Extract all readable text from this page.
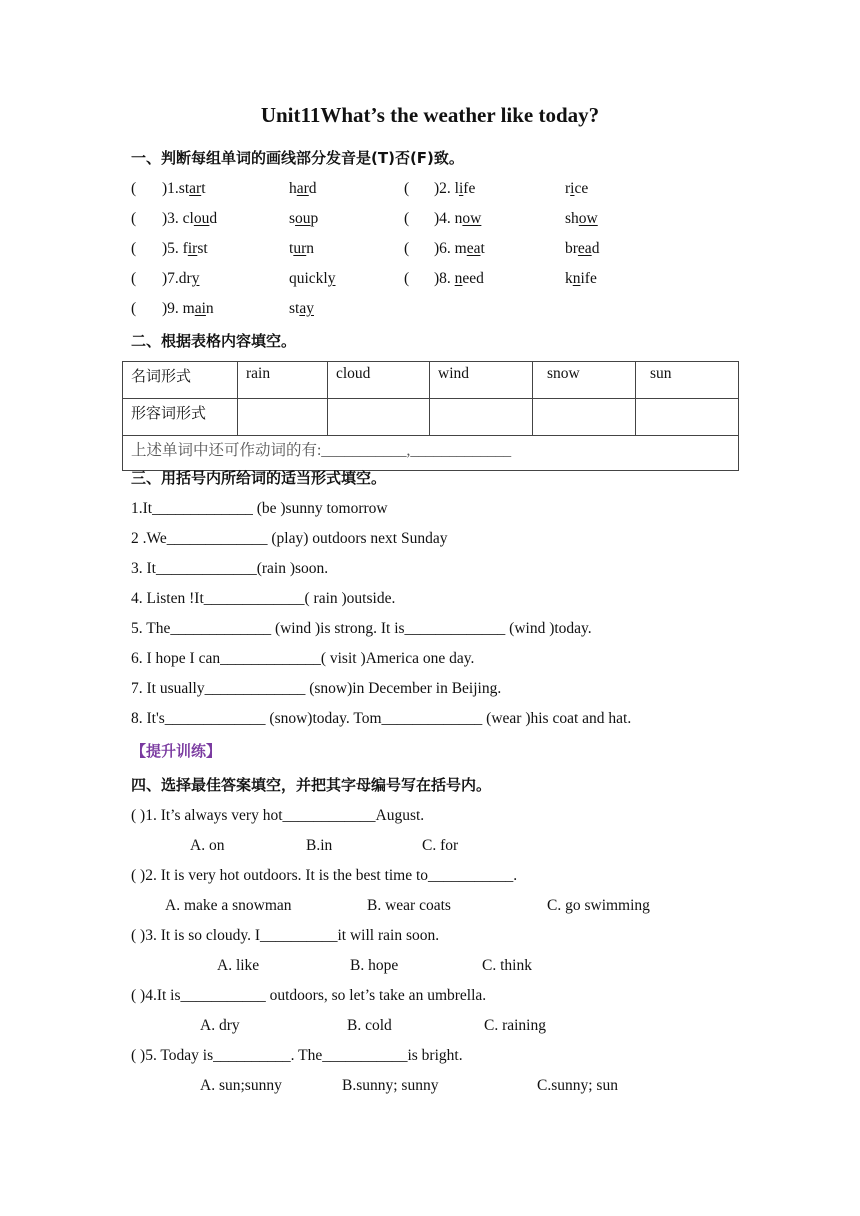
Unit11What’s the weather like today?
一、判断每组单词的画线部分发音是(T)否(F)致。
( )1.start	hard	( )2. life	rice
( )3. cloud	soup	( )4. now	show
( )5. first	turn	( )6. meat	bread
( )7.dry	quickly	( )8. need	knife
( )9. main	stay
二、根据表格内容填空。
名词形式	rain	cloud	wind	snow	sun
形容词形式					
上述单词中还可作动词的有:___________,_____________					
三、用括号内所给词的适当形式填空。
1.It_____________ (be )sunny tomorrow
2 .We_____________ (play) outdoors next Sunday
3. It_____________(rain )soon.
4. Listen !It_____________( rain )outside.
5. The_____________ (wind )is strong. It is_____________ (wind )today.
6. I hope I can_____________( visit )America one day.
7. It usually_____________ (snow)in December in Beijing.
8. It's_____________ (snow)today. Tom_____________ (wear )his coat and hat.
【提升训练】
四、选择最佳答案填空，并把其字母编号写在括号内。
( )1. It’s always very hot____________August.
A. on	B.in	C. for
( )2. It is very hot outdoors. It is the best time to___________.
A. make a snowman	B. wear coats	C. go swimming
( )3. It is so cloudy. I__________it will rain soon.
A. like	B. hope	C. think
( )4.It is___________ outdoors, so let’s take an umbrella.
A. dry	B. cold	C. raining
( )5. Today is__________. The___________is bright.
A. sun;sunny	B.sunny; sunny	C.sunny; sun
